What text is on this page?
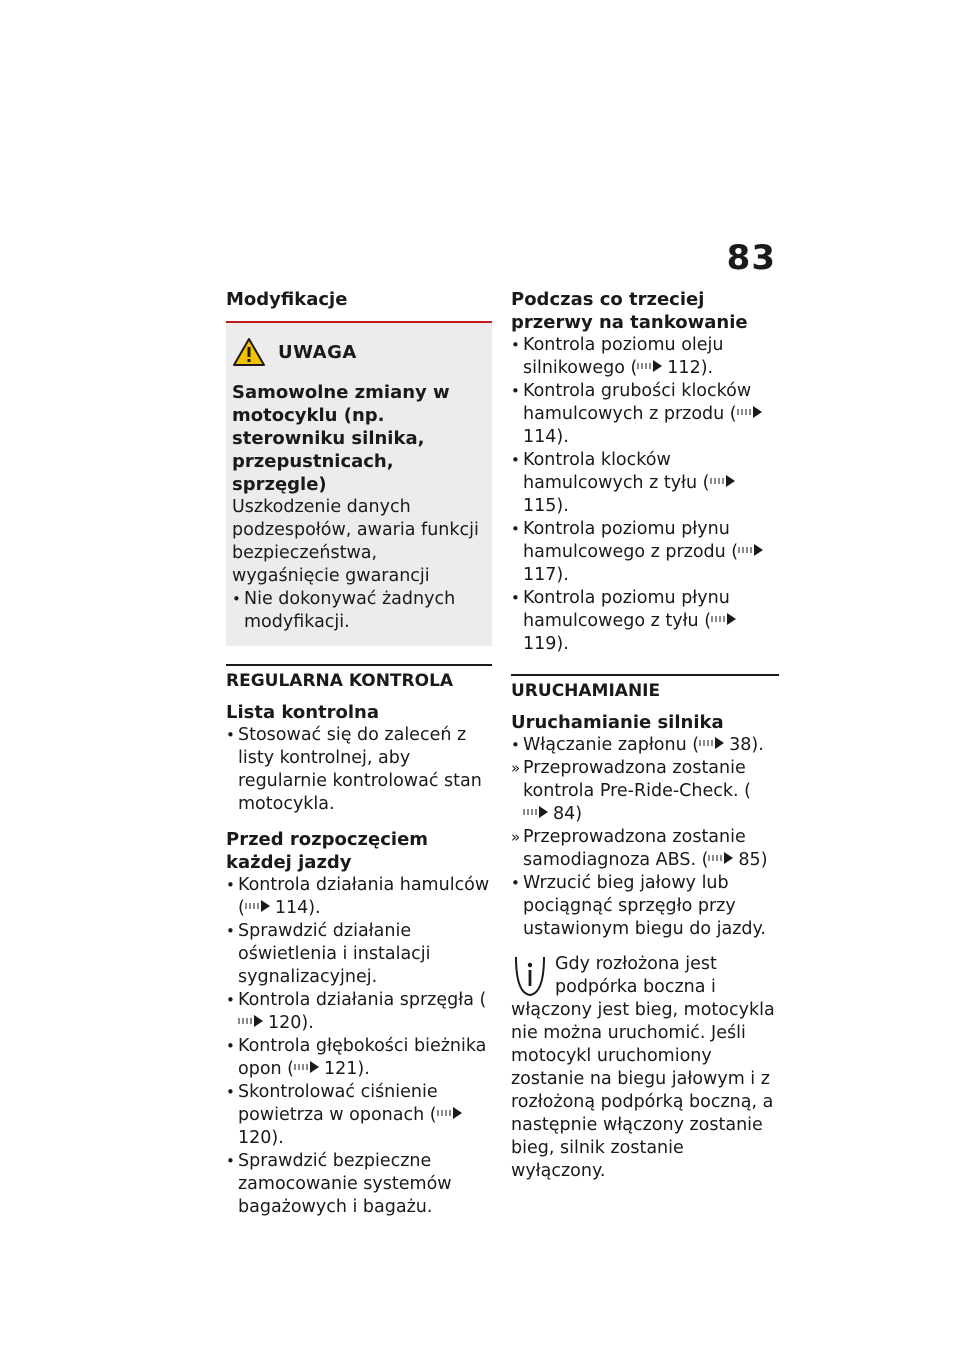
83

Modyfikacje

UWAGA

Samowolne zmiany w motocyklu (np. sterowniku silnika, przepustnicach, sprzęgle)

Uszkodzenie danych podzespołów, awaria funkcji bezpieczeństwa, wygaśnięcie gwarancji

• Nie dokonywać żadnych modyfikacji.
REGULARNA KONTROLA

Lista kontrolna

• Stosować się do zaleceń z listy kontrolnej, aby regularnie kontrolować stan motocykla.

Przed rozpoczęciem każdej jazdy

• Kontrola działania hamulców ( 114).
• Sprawdzić działanie oświetlenia i instalacji sygnalizacyjnej.
• Kontrola działania sprzęgła (120).
• Kontrola głębokości bieżnika opon ( 121).
• Skontrolować ciśnienie powietrza w oponach (120).
• Sprawdzić bezpieczne zamocowanie systemów bagażowych i bagażu.

Podczas co trzeciej przerwy na tankowanie

• Kontrola poziomu oleju silnikowego ( 112).
• Kontrola grubości klocków hamulcowych z przodu (114).
• Kontrola klocków hamulcowych z tyłu (115).
• Kontrola poziomu płynu hamulcowego z przodu (117).
• Kontrola poziomu płynu hamulcowego z tyłu (119).
URUCHAMIANIE

Uruchamianie silnika

• Włączanie zapłonu ( 38).
» Przeprowadzona zostanie kontrola Pre-Ride-Check. (84)
» Przeprowadzona zostanie samodiagnoza ABS. ( 85)
• Wrzucić bieg jałowy lub pociągnąć sprzęgło przy ustawionym biegu do jazdy.
Gdy rozłożona jest podpórka boczna i włączony jest bieg, motocykla nie można uruchomić. Jeśli motocykl uruchomiony zostanie na biegu jałowym i z rozłożoną podpórką boczną, a następnie włączony zostanie bieg, silnik zostanie wyłączony.
